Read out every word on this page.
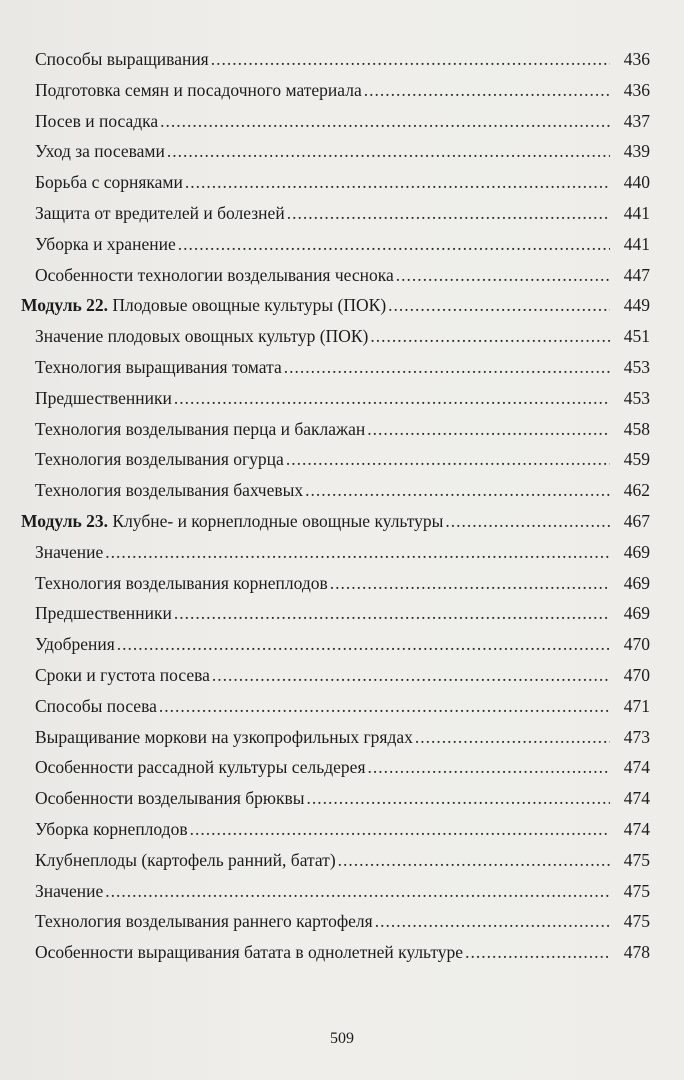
Способы выращивания .....	436
Подготовка семян и посадочного материала .....	436
Посев и посадка .....	437
Уход за посевами .....	439
Борьба с сорняками .....	440
Защита от вредителей и болезней .....	441
Уборка и хранение .....	441
Особенности технологии возделывания чеснока .....	447
Модуль 22. Плодовые овощные культуры (ПОК) .....	449
Значение плодовых овощных культур (ПОК) .....	451
Технология выращивания томата .....	453
Предшественники .....	453
Технология возделывания перца и баклажан .....	458
Технология возделывания огурца .....	459
Технология возделывания бахчевых .....	462
Модуль 23. Клубне- и корнеплодные овощные культуры .....	467
Значение .....	469
Технология возделывания корнеплодов .....	469
Предшественники .....	469
Удобрения .....	470
Сроки и густота посева .....	470
Способы посева .....	471
Выращивание моркови на узкопрофильных грядах .....	473
Особенности рассадной культуры сельдерея .....	474
Особенности возделывания брюквы .....	474
Уборка корнеплодов .....	474
Клубнеплоды (картофель ранний, батат) .....	475
Значение .....	475
Технология возделывания раннего картофеля .....	475
Особенности выращивания батата в однолетней культуре .....	478
509
